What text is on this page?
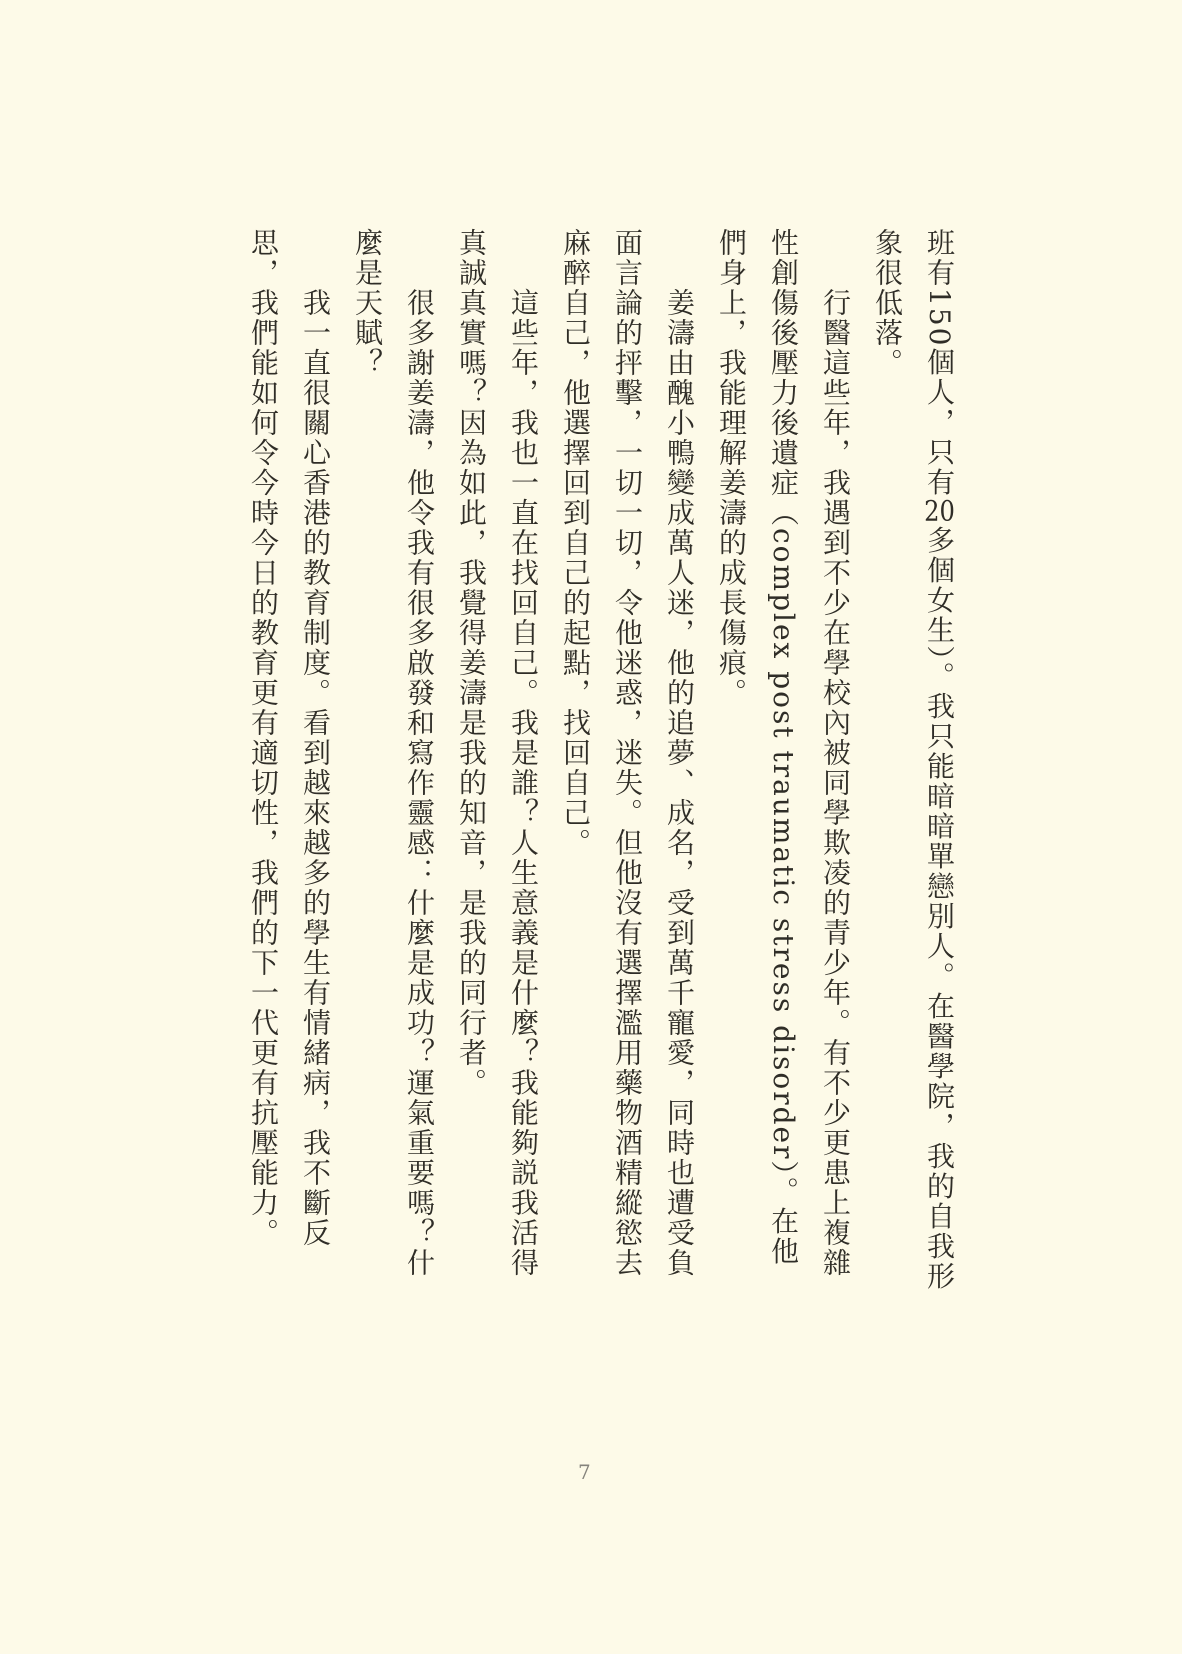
班有150個人，只有20多個女生）。我只能暗暗單戀別人。在醫學院，我的自我形象很低落。

行醫這些年，我遇到不少在學校內被同學欺凌的青少年。有不少更患上複雜性創傷後壓力後遺症（complex post traumatic stress disorder）。在他們身上，我能理解姜濤的成長傷痕。

姜濤由醜小鴨變成萬人迷，他的追夢、成名，受到萬千寵愛，同時也遭受負面言論的抨擊，一切一切，令他迷惑，迷失。但他沒有選擇濫用藥物酒精縱慾去麻醉自己，他選擇回到自己的起點，找回自己。

這些年，我也一直在找回自己。我是誰？人生意義是什麼？我能夠説我活得真誠真實嗎？因為如此，我覺得姜濤是我的知音，是我的同行者。

很多謝姜濤，他令我有很多啟發和寫作靈感：什麼是成功？運氣重要嗎？什麼是天賦？

我一直很關心香港的教育制度。看到越來越多的學生有情緒病，我不斷反思，我們能如何令今時今日的教育更有適切性，我們的下一代更有抗壓能力。

7
